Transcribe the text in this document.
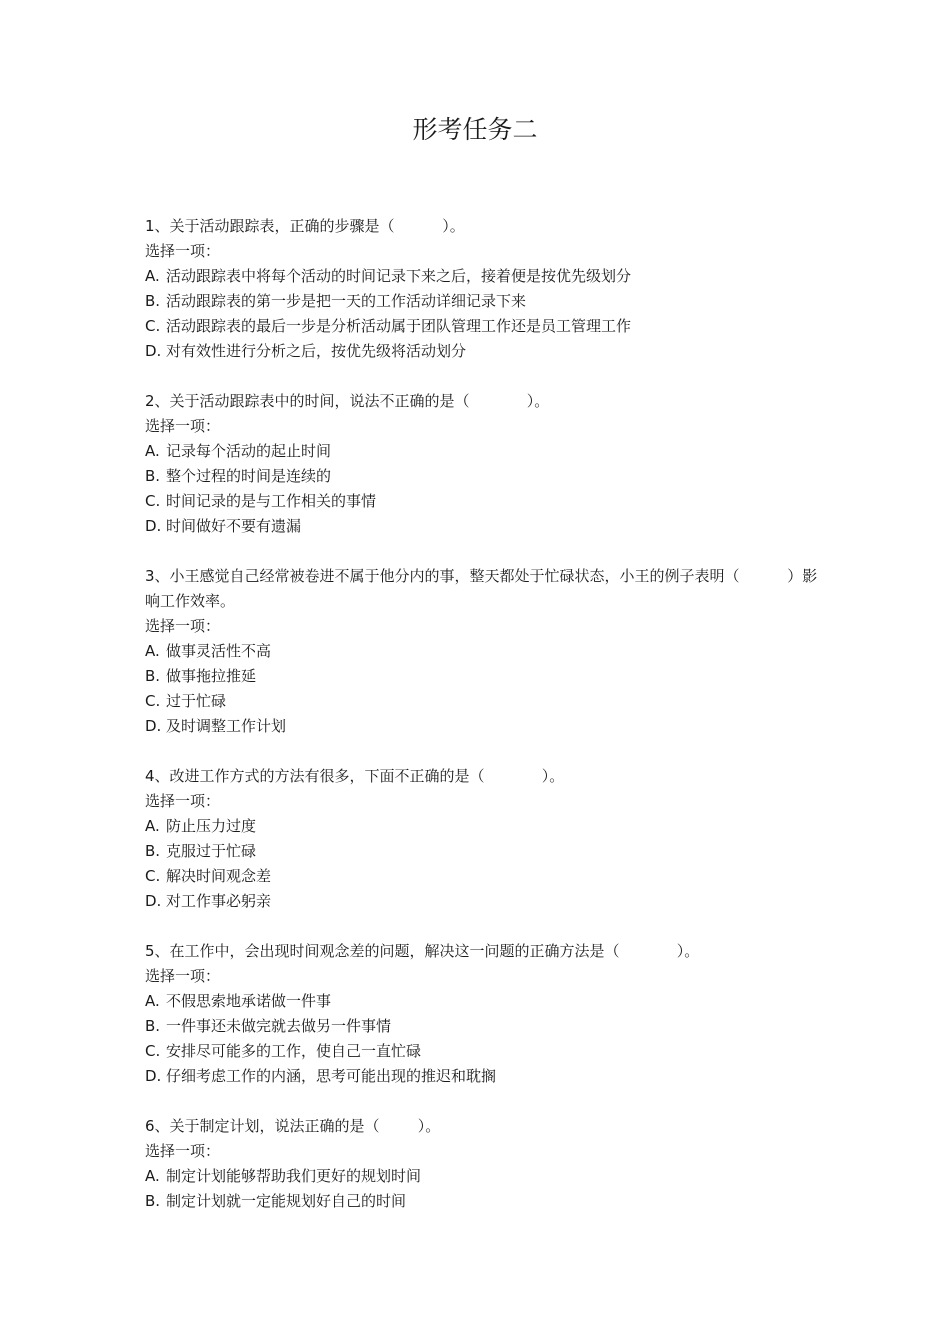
形考任务二

1、关于活动跟踪表，正确的步骤是（          ）。

选择一项：

A. 活动跟踪表中将每个活动的时间记录下来之后，接着便是按优先级划分

B. 活动跟踪表的第一步是把一天的工作活动详细记录下来

C. 活动跟踪表的最后一步是分析活动属于团队管理工作还是员工管理工作

D. 对有效性进行分析之后，按优先级将活动划分

2、关于活动跟踪表中的时间，说法不正确的是（            ）。

选择一项：

A. 记录每个活动的起止时间

B. 整个过程的时间是连续的

C. 时间记录的是与工作相关的事情

D. 时间做好不要有遗漏

3、小王感觉自己经常被卷进不属于他分内的事，整天都处于忙碌状态，小王的例子表明（          ）影响工作效率。

选择一项：

A. 做事灵活性不高

B. 做事拖拉推延

C. 过于忙碌

D. 及时调整工作计划

4、改进工作方式的方法有很多，下面不正确的是（            ）。

选择一项：

A. 防止压力过度

B. 克服过于忙碌

C. 解决时间观念差

D. 对工作事必躬亲

5、在工作中，会出现时间观念差的问题，解决这一问题的正确方法是（            ）。

选择一项：

A. 不假思索地承诺做一件事

B. 一件事还未做完就去做另一件事情

C. 安排尽可能多的工作，使自己一直忙碌

D. 仔细考虑工作的内涵，思考可能出现的推迟和耽搁

6、关于制定计划，说法正确的是（        ）。

选择一项：

A. 制定计划能够帮助我们更好的规划时间

B. 制定计划就一定能规划好自己的时间
